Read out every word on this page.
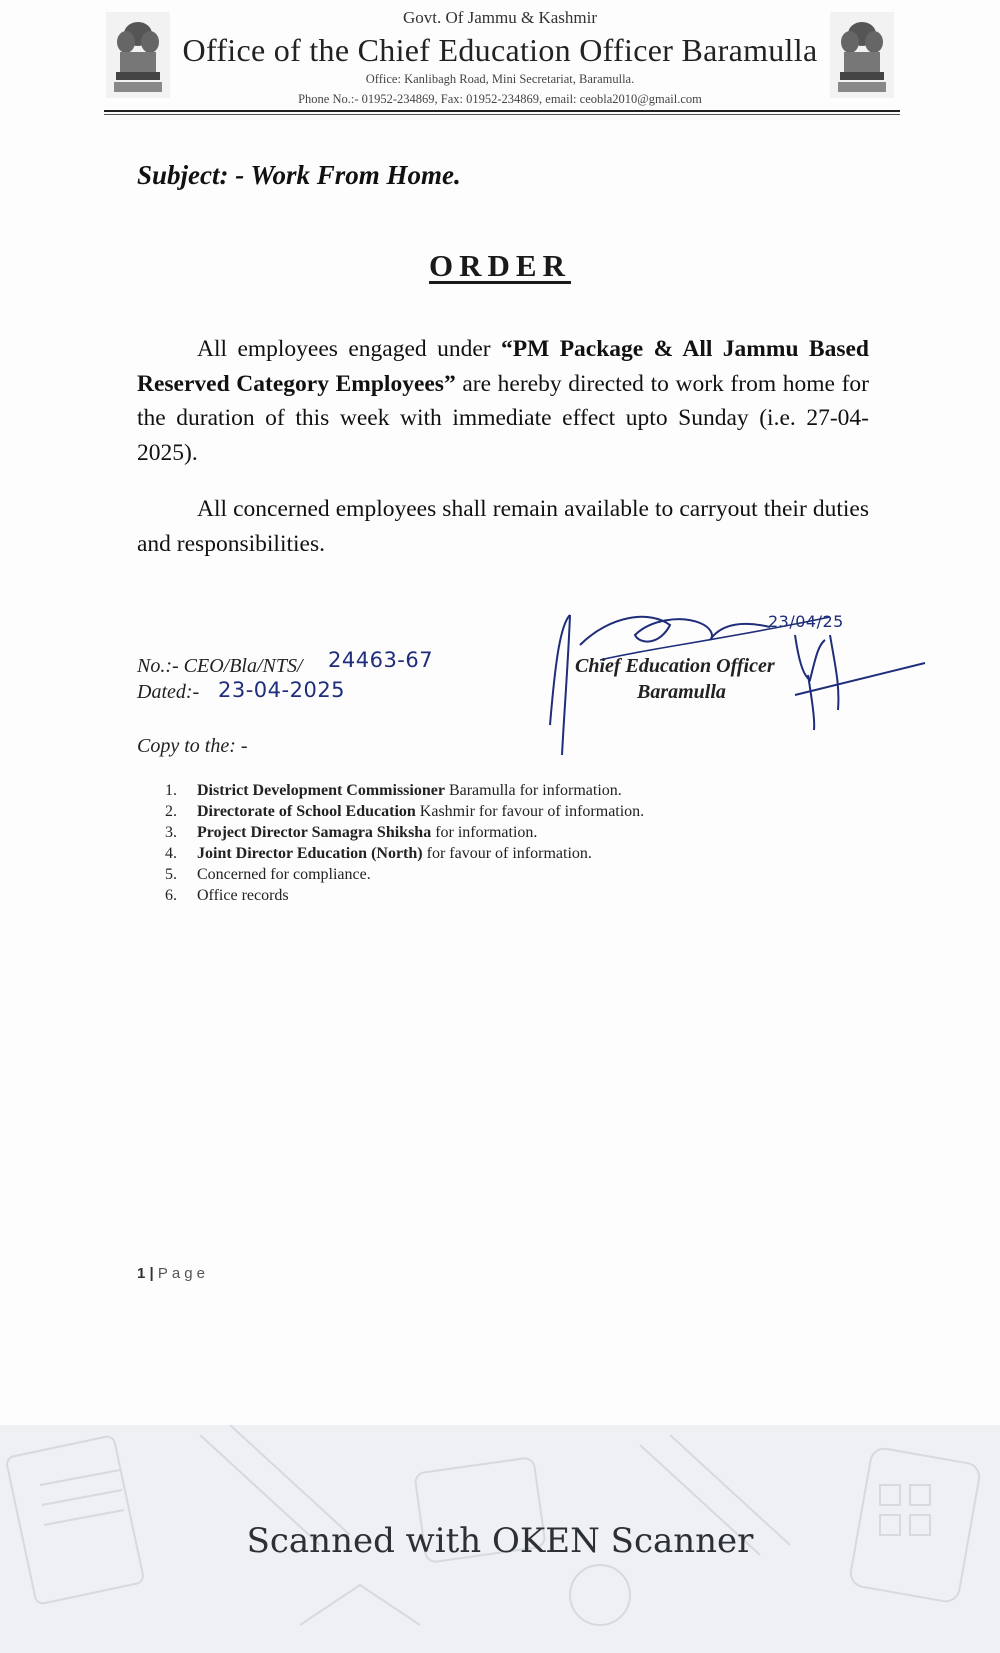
Govt. Of Jammu & Kashmir
Office of the Chief Education Officer Baramulla
Office: Kanlibagh Road, Mini Secretariat, Baramulla.
Phone No.:- 01952-234869, Fax: 01952-234869, email: ceobla2010@gmail.com
Subject: - Work From Home.
ORDER
All employees engaged under “PM Package & All Jammu Based Reserved Category Employees” are hereby directed to work from home for the duration of this week with immediate effect upto Sunday (i.e. 27-04-2025).
All concerned employees shall remain available to carryout their duties and responsibilities.
No.:- CEO/Bla/NTS/ 24463-67
Dated:- 23-04-2025
23/04/25
Chief Education Officer
Baramulla
Copy to the: -
1.	District Development Commissioner Baramulla for information.
2.	Directorate of School Education Kashmir for favour of information.
3.	Project Director Samagra Shiksha for information.
4.	Joint Director Education (North) for favour of information.
5.	Concerned for compliance.
6.	Office records
1 | Page
Scanned with OKEN Scanner
